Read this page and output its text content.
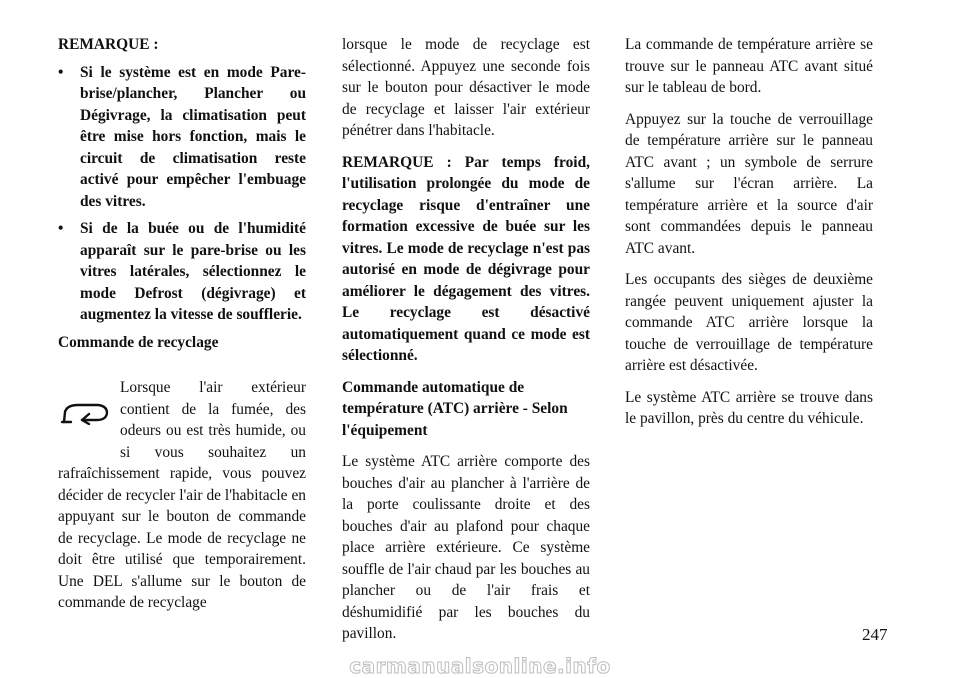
REMARQUE :

• Si le système est en mode Pare-brise/plancher, Plancher ou Dégivrage, la climatisation peut être mise hors fonction, mais le circuit de climatisation reste activé pour empêcher l'embuage des vitres.
• Si de la buée ou de l'humidité apparaît sur le pare-brise ou les vitres latérales, sélectionnez le mode Defrost (dégivrage) et augmentez la vitesse de soufflerie.

Commande de recyclage

Lorsque l'air extérieur contient de la fumée, des odeurs ou est très humide, ou si vous souhaitez un rafraîchissement rapide, vous pouvez décider de recycler l'air de l'habitacle en appuyant sur le bouton de commande de recyclage. Le mode de recyclage ne doit être utilisé que temporairement. Une DEL s'allume sur le bouton de commande de recyclage

lorsque le mode de recyclage est sélectionné. Appuyez une seconde fois sur le bouton pour désactiver le mode de recyclage et laisser l'air extérieur pénétrer dans l'habitacle.

REMARQUE : Par temps froid, l'utilisation prolongée du mode de recyclage risque d'entraîner une formation excessive de buée sur les vitres. Le mode de recyclage n'est pas autorisé en mode de dégivrage pour améliorer le dégagement des vitres. Le recyclage est désactivé automatiquement quand ce mode est sélectionné.

Commande automatique de température (ATC) arrière - Selon l'équipement

Le système ATC arrière comporte des bouches d'air au plancher à l'arrière de la porte coulissante droite et des bouches d'air au plafond pour chaque place arrière extérieure. Ce système souffle de l'air chaud par les bouches au plancher ou de l'air frais et déshumidifié par les bouches du pavillon.

La commande de température arrière se trouve sur le panneau ATC avant situé sur le tableau de bord.

Appuyez sur la touche de verrouillage de température arrière sur le panneau ATC avant ; un symbole de serrure s'allume sur l'écran arrière. La température arrière et la source d'air sont commandées depuis le panneau ATC avant.

Les occupants des sièges de deuxième rangée peuvent uniquement ajuster la commande ATC arrière lorsque la touche de verrouillage de température arrière est désactivée.

Le système ATC arrière se trouve dans le pavillon, près du centre du véhicule.

247
carmanualsonline.info
